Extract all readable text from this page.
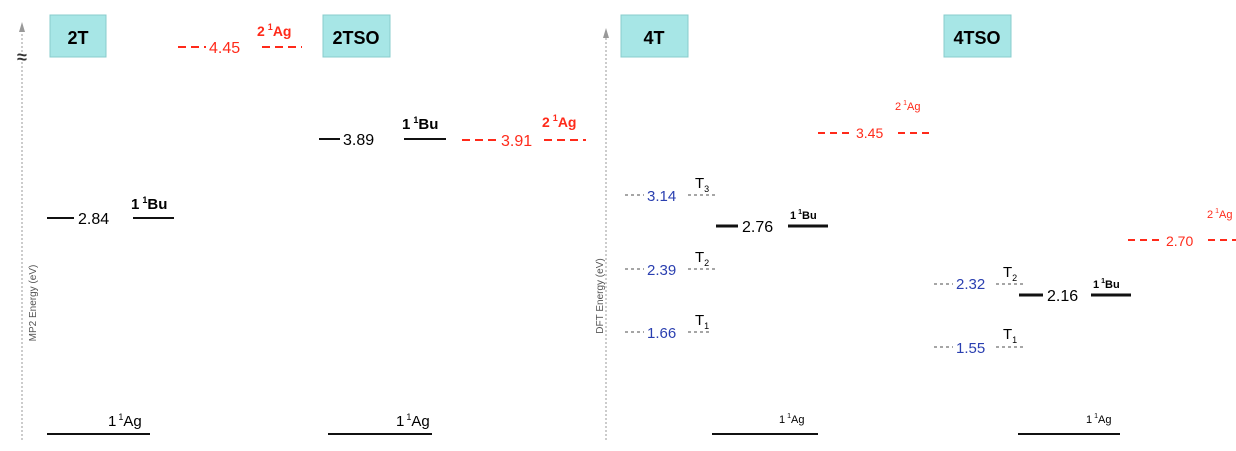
≈
MP2 Energy (eV)	DFT Energy (eV)
2T	2TSO	4T	4TSO
1 $^1$Ag
2.84
1 $^1$Bu
4.45
2 $^1$Ag
1 $^1$Ag
3.89
1 $^1$Bu
3.91
2 $^1$Ag
1 $^1$Ag
1.66
$T_1$
2.39
$T_2$
3.14
$T_3$
2.76
1 $^1$Bu
3.45
2 $^1$Ag
1 $^1$Ag
1.55
$T_1$
2.32
$T_2$
2.16
1 $^1$Bu
2.70
2 $^1$Ag
